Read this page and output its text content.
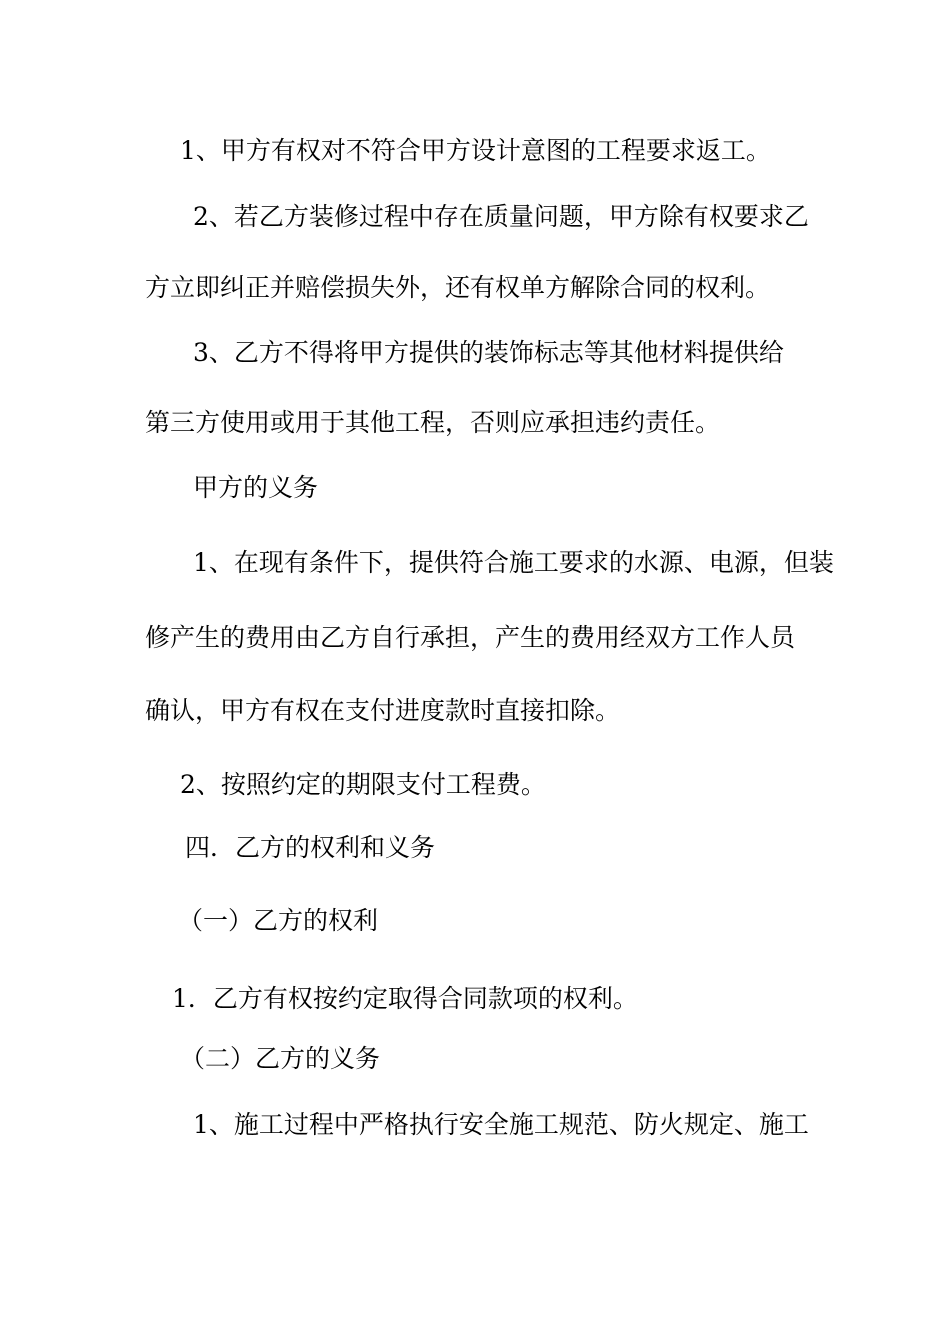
1、甲方有权对不符合甲方设计意图的工程要求返工。

2、若乙方装修过程中存在质量问题，甲方除有权要求乙

方立即纠正并赔偿损失外，还有权单方解除合同的权利。

3、乙方不得将甲方提供的装饰标志等其他材料提供给

第三方使用或用于其他工程，否则应承担违约责任。

甲方的义务

1、在现有条件下，提供符合施工要求的水源、电源，但装

修产生的费用由乙方自行承担，产生的费用经双方工作人员

确认，甲方有权在支付进度款时直接扣除。

2、按照约定的期限支付工程费。

四．乙方的权利和义务

（一）乙方的权利

1．乙方有权按约定取得合同款项的权利。

（二）乙方的义务

1、施工过程中严格执行安全施工规范、防火规定、施工
